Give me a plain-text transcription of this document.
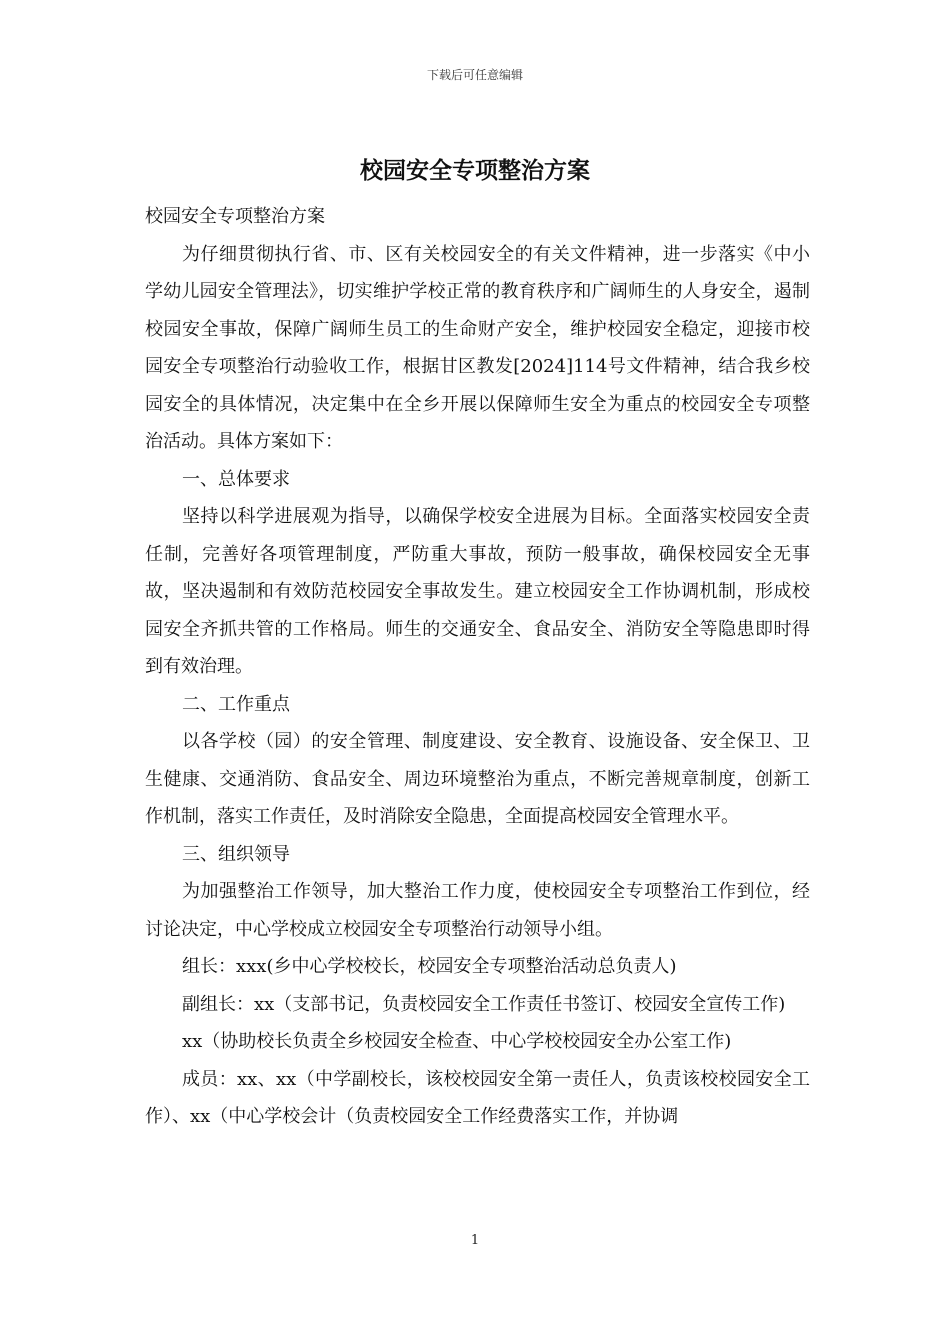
下载后可任意编辑
校园安全专项整治方案

校园安全专项整治方案

为仔细贯彻执行省、市、区有关校园安全的有关文件精神，进一步落实《中小学幼儿园安全管理法》，切实维护学校正常的教育秩序和广阔师生的人身安全，遏制校园安全事故，保障广阔师生员工的生命财产安全，维护校园安全稳定，迎接市校园安全专项整治行动验收工作，根据甘区教发[2024]114号文件精神，结合我乡校园安全的具体情况，决定集中在全乡开展以保障师生安全为重点的校园安全专项整治活动。具体方案如下：

一、总体要求

坚持以科学进展观为指导，以确保学校安全进展为目标。全面落实校园安全责任制，完善好各项管理制度，严防重大事故，预防一般事故，确保校园安全无事故，坚决遏制和有效防范校园安全事故发生。建立校园安全工作协调机制，形成校园安全齐抓共管的工作格局。师生的交通安全、食品安全、消防安全等隐患即时得到有效治理。

二、工作重点

以各学校（园）的安全管理、制度建设、安全教育、设施设备、安全保卫、卫生健康、交通消防、食品安全、周边环境整治为重点，不断完善规章制度，创新工作机制，落实工作责任，及时消除安全隐患，全面提高校园安全管理水平。

三、组织领导

为加强整治工作领导，加大整治工作力度，使校园安全专项整治工作到位，经讨论决定，中心学校成立校园安全专项整治行动领导小组。

组长：xxx(乡中心学校校长，校园安全专项整治活动总负责人)

副组长：xx（支部书记，负责校园安全工作责任书签订、校园安全宣传工作)

xx（协助校长负责全乡校园安全检查、中心学校校园安全办公室工作)

成员：xx、xx（中学副校长，该校校园安全第一责任人，负责该校校园安全工作）、xx（中心学校会计（负责校园安全工作经费落实工作，并协调

1
